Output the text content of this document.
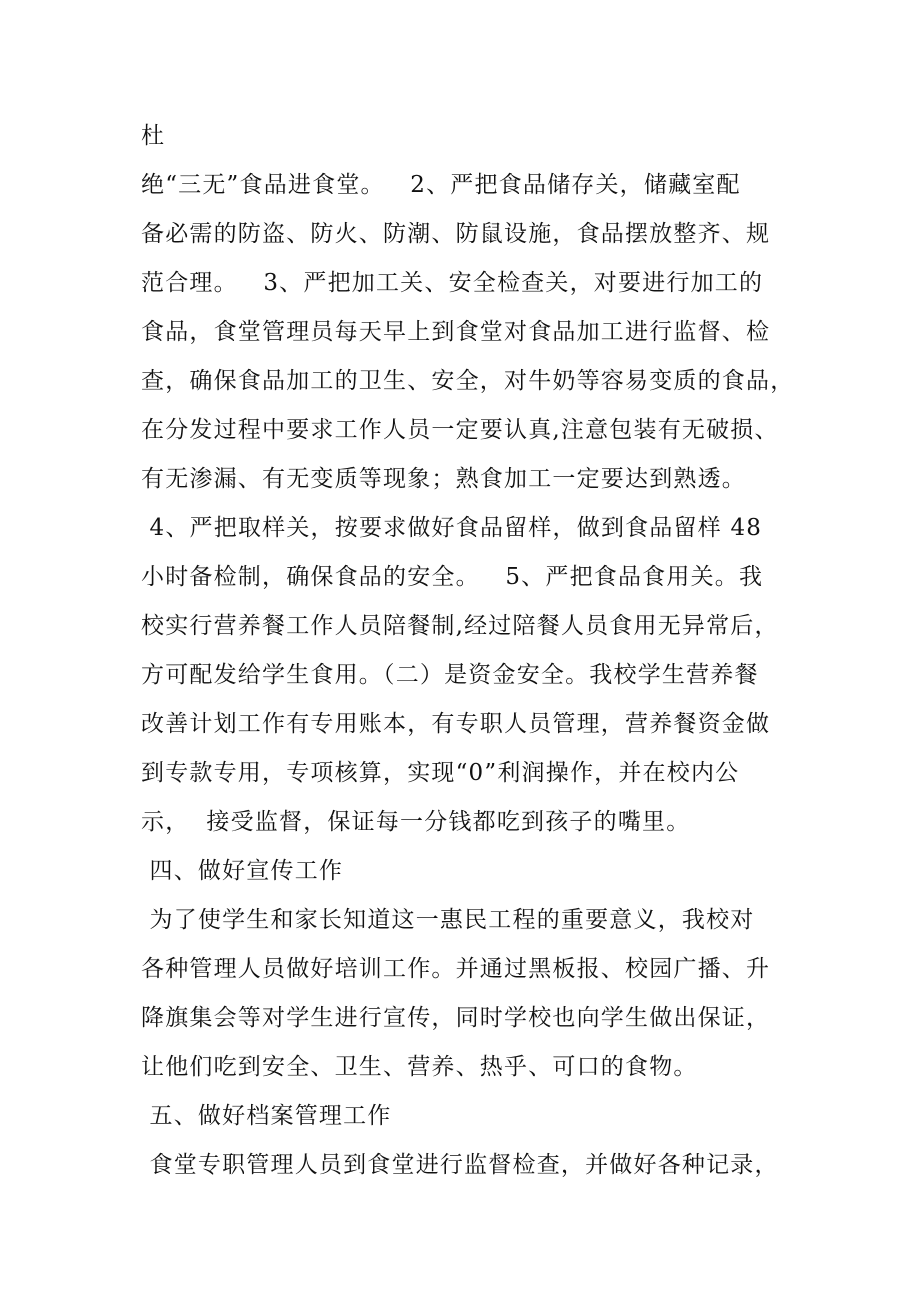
杜
绝“三无”食品进食堂。   2、严把食品储存关，储藏室配
备必需的防盗、防火、防潮、防鼠设施，食品摆放整齐、规
范合理。   3、严把加工关、安全检查关，对要进行加工的
食品，食堂管理员每天早上到食堂对食品加工进行监督、检
查，确保食品加工的卫生、安全，对牛奶等容易变质的食品，
在分发过程中要求工作人员一定要认真,注意包装有无破损、
有无渗漏、有无变质等现象；熟食加工一定要达到熟透。
4、严把取样关，按要求做好食品留样，做到食品留样 48
小时备检制，确保食品的安全。   5、严把食品食用关。我
校实行营养餐工作人员陪餐制,经过陪餐人员食用无异常后，
方可配发给学生食用。（二）是资金安全。我校学生营养餐
改善计划工作有专用账本，有专职人员管理，营养餐资金做
到专款专用，专项核算，实现“0”利润操作，并在校内公
示，  接受监督，保证每一分钱都吃到孩子的嘴里。
四、做好宣传工作
为了使学生和家长知道这一惠民工程的重要意义，我校对
各种管理人员做好培训工作。并通过黑板报、校园广播、升
降旗集会等对学生进行宣传，同时学校也向学生做出保证，
让他们吃到安全、卫生、营养、热乎、可口的食物。
五、做好档案管理工作
食堂专职管理人员到食堂进行监督检查，并做好各种记录，
